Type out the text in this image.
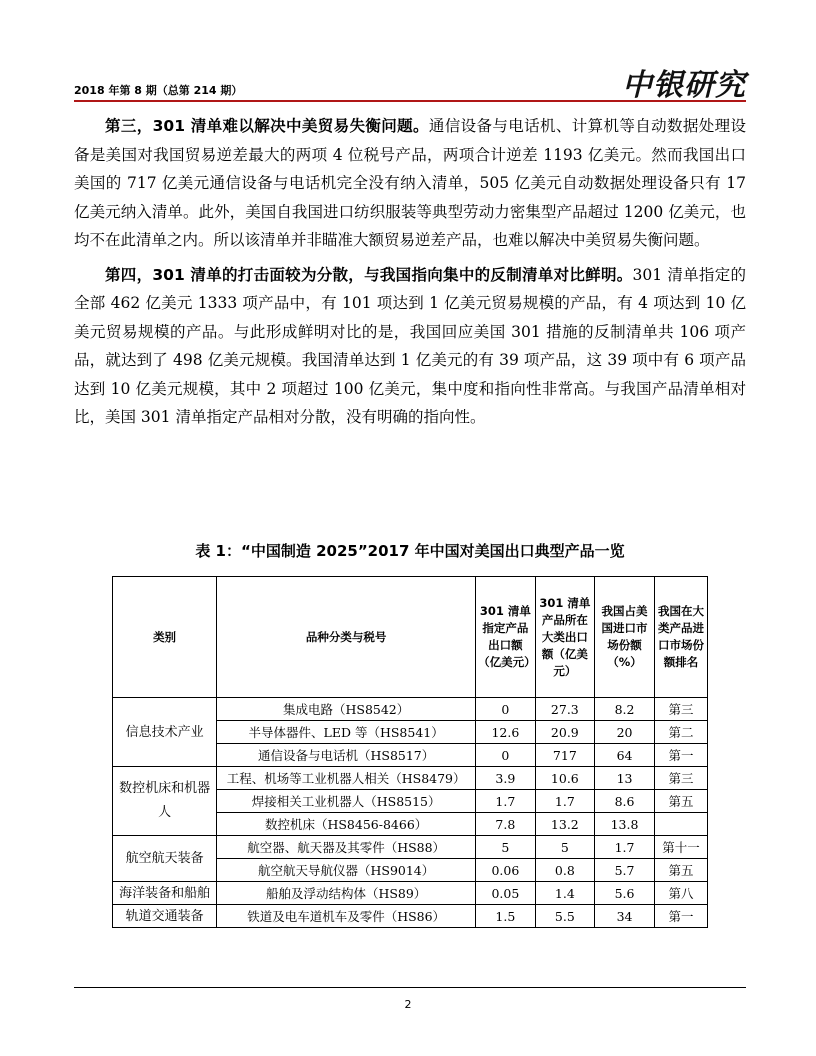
2018 年第 8 期（总第 214 期）	中银研究

第三，301 清单难以解决中美贸易失衡问题。通信设备与电话机、计算机等自动数据处理设备是美国对我国贸易逆差最大的两项 4 位税号产品，两项合计逆差 1193 亿美元。然而我国出口美国的 717 亿美元通信设备与电话机完全没有纳入清单，505 亿美元自动数据处理设备只有 17 亿美元纳入清单。此外，美国自我国进口纺织服装等典型劳动力密集型产品超过 1200 亿美元，也均不在此清单之内。所以该清单并非瞄准大额贸易逆差产品，也难以解决中美贸易失衡问题。

第四，301 清单的打击面较为分散，与我国指向集中的反制清单对比鲜明。301 清单指定的全部 462 亿美元 1333 项产品中，有 101 项达到 1 亿美元贸易规模的产品，有 4 项达到 10 亿美元贸易规模的产品。与此形成鲜明对比的是，我国回应美国 301 措施的反制清单共 106 项产品，就达到了 498 亿美元规模。我国清单达到 1 亿美元的有 39 项产品，这 39 项中有 6 项产品达到 10 亿美元规模，其中 2 项超过 100 亿美元，集中度和指向性非常高。与我国产品清单相对比，美国 301 清单指定产品相对分散，没有明确的指向性。

表 1：“中国制造 2025”2017 年中国对美国出口典型产品一览
类别	品种分类与税号	301 清单指定产品出口额（亿美元）	301 清单产品所在大类出口额（亿美元）	我国占美国进口市场份额（%）	我国在大类产品进口市场份额排名
信息技术产业	集成电路（HS8542）	0	27.3	8.2	第三
	半导体器件、LED 等（HS8541）	12.6	20.9	20	第二
	通信设备与电话机（HS8517）	0	717	64	第一
数控机床和机器人	工程、机场等工业机器人相关（HS8479）	3.9	10.6	13	第三
	焊接相关工业机器人（HS8515）	1.7	1.7	8.6	第五
	数控机床（HS8456-8466）	7.8	13.2	13.8	
航空航天装备	航空器、航天器及其零件（HS88）	5	5	1.7	第十一
	航空航天导航仪器（HS9014）	0.06	0.8	5.7	第五
海洋装备和船舶	船舶及浮动结构体（HS89）	0.05	1.4	5.6	第八
轨道交通装备	铁道及电车道机车及零件（HS86）	1.5	5.5	34	第一
2
